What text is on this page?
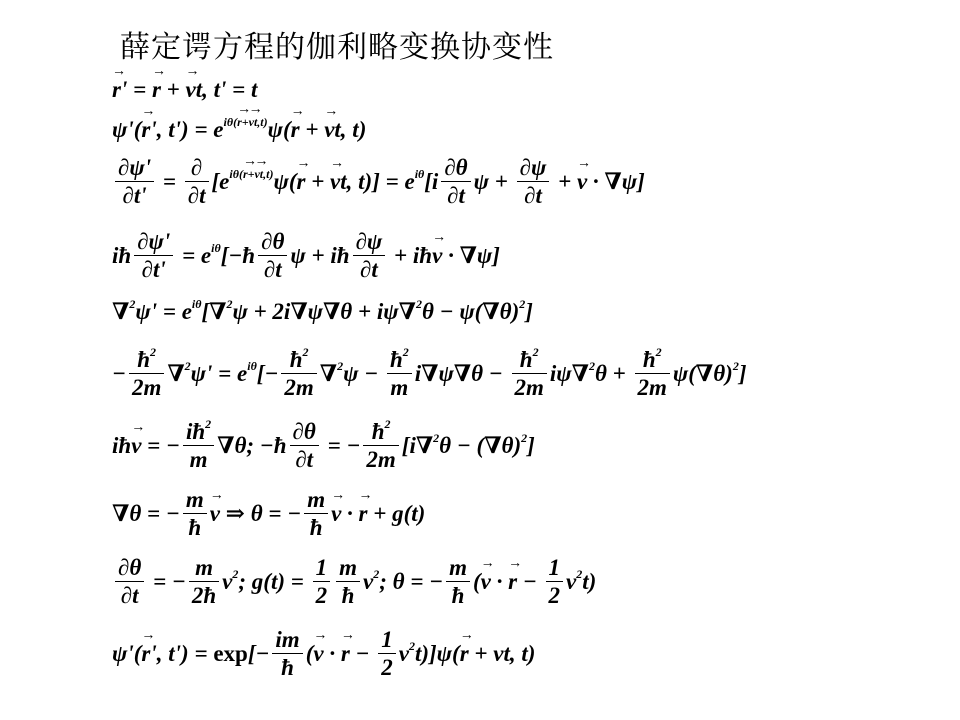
薛定谔方程的伽利略变换协变性
→ r' = → r + → vt, t' = t
ψ'(→ r', $t') = e^{i\theta(\to r+\to vt,t)}\psi(\to r$ + → vt, t)
$\frac{\partial\psi'}{\partial t'} = \frac{\partial}{\partial t} [e^{i\theta(\to r+\to vt,t)}\psi(\to r$ + → vt, $t)] = e^{i\theta}[i \frac{\partial\theta}{\partial t}$ $\psi + \frac{\partial\psi}{\partial t}$ + → v · ∇ψ]
iħ $\frac{\partial\psi'}{\partial t'}$ = $e^{i\theta}[-ħ \frac{\partial\theta}{\partial t}$ ψ + iħ $\frac{\partial\psi}{\partial t}$ + iħ→ v · ∇ψ]
$\nabla^2\psi' = e^{i\theta}[\nabla^2\psi + 2i\nabla\psi\nabla\theta + i\psi\nabla^2\theta - \psi(\nabla\theta)^2]$
− $\frac{ħ^2}{2m} \nabla^2\psi' = e^{i\theta}[- \frac{ħ^2}{2m} \nabla^2\psi - \frac{ħ^2}{m} i\nabla\psi\nabla\theta - \frac{ħ^2}{2m} i\psi\nabla^2\theta + \frac{ħ^2}{2m} \psi(\nabla\theta)^2]$
iħ→ v = − $\frac{iħ^2}{m} \nabla\theta$; −ħ $\frac{\partial\theta}{\partial t}$ = − $\frac{ħ^2}{2m} [i\nabla^2\theta - (\nabla\theta)^2]$
∇θ = − $\frac{m}{ħ}$
→ v ⇒ θ = − $\frac{m}{ħ}$
→ v · → r + g(t)
$\frac{\partial\theta}{\partial t}$ = − $\frac{m}{2ħ} v^2$; $g(t) = \frac{1}{2} \frac{m}{ħ} v^2$; θ = − $\frac{m}{ħ}$ (→ v · → $r - \frac{1}{2} v^2t$)
ψ'(→ r', $t') = \exp[- \frac{im}{ħ}$ (→ v · → $r - \frac{1}{2} v^2t)]\psi(\to r$ + vt, t)
